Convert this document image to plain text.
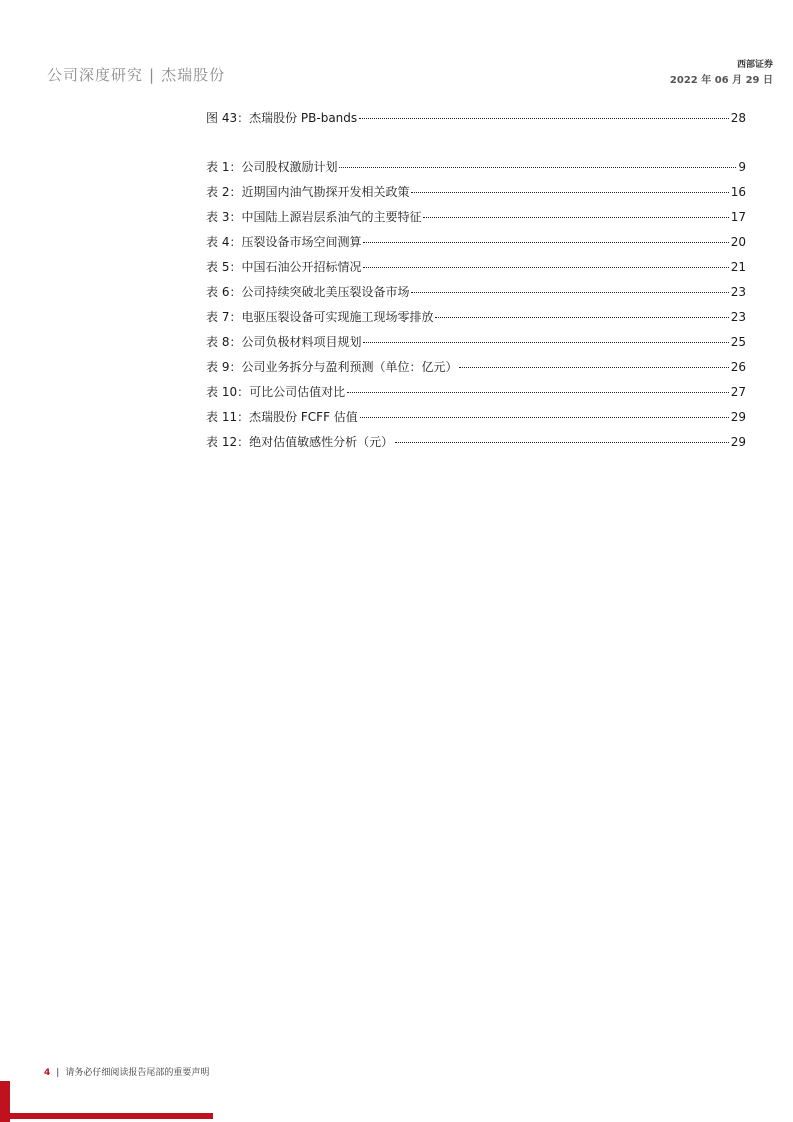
公司深度研究 | 杰瑞股份
西部证券
2022 年 06 月 29 日
图 43：杰瑞股份 PB-bands	28
表 1：公司股权激励计划	9
表 2：近期国内油气勘探开发相关政策	16
表 3：中国陆上源岩层系油气的主要特征	17
表 4：压裂设备市场空间测算	20
表 5：中国石油公开招标情况	21
表 6：公司持续突破北美压裂设备市场	23
表 7：电驱压裂设备可实现施工现场零排放	23
表 8：公司负极材料项目规划	25
表 9：公司业务拆分与盈利预测（单位：亿元）	26
表 10：可比公司估值对比	27
表 11：杰瑞股份 FCFF 估值	29
表 12：绝对估值敏感性分析（元）	29
4 | 请务必仔细阅读报告尾部的重要声明
